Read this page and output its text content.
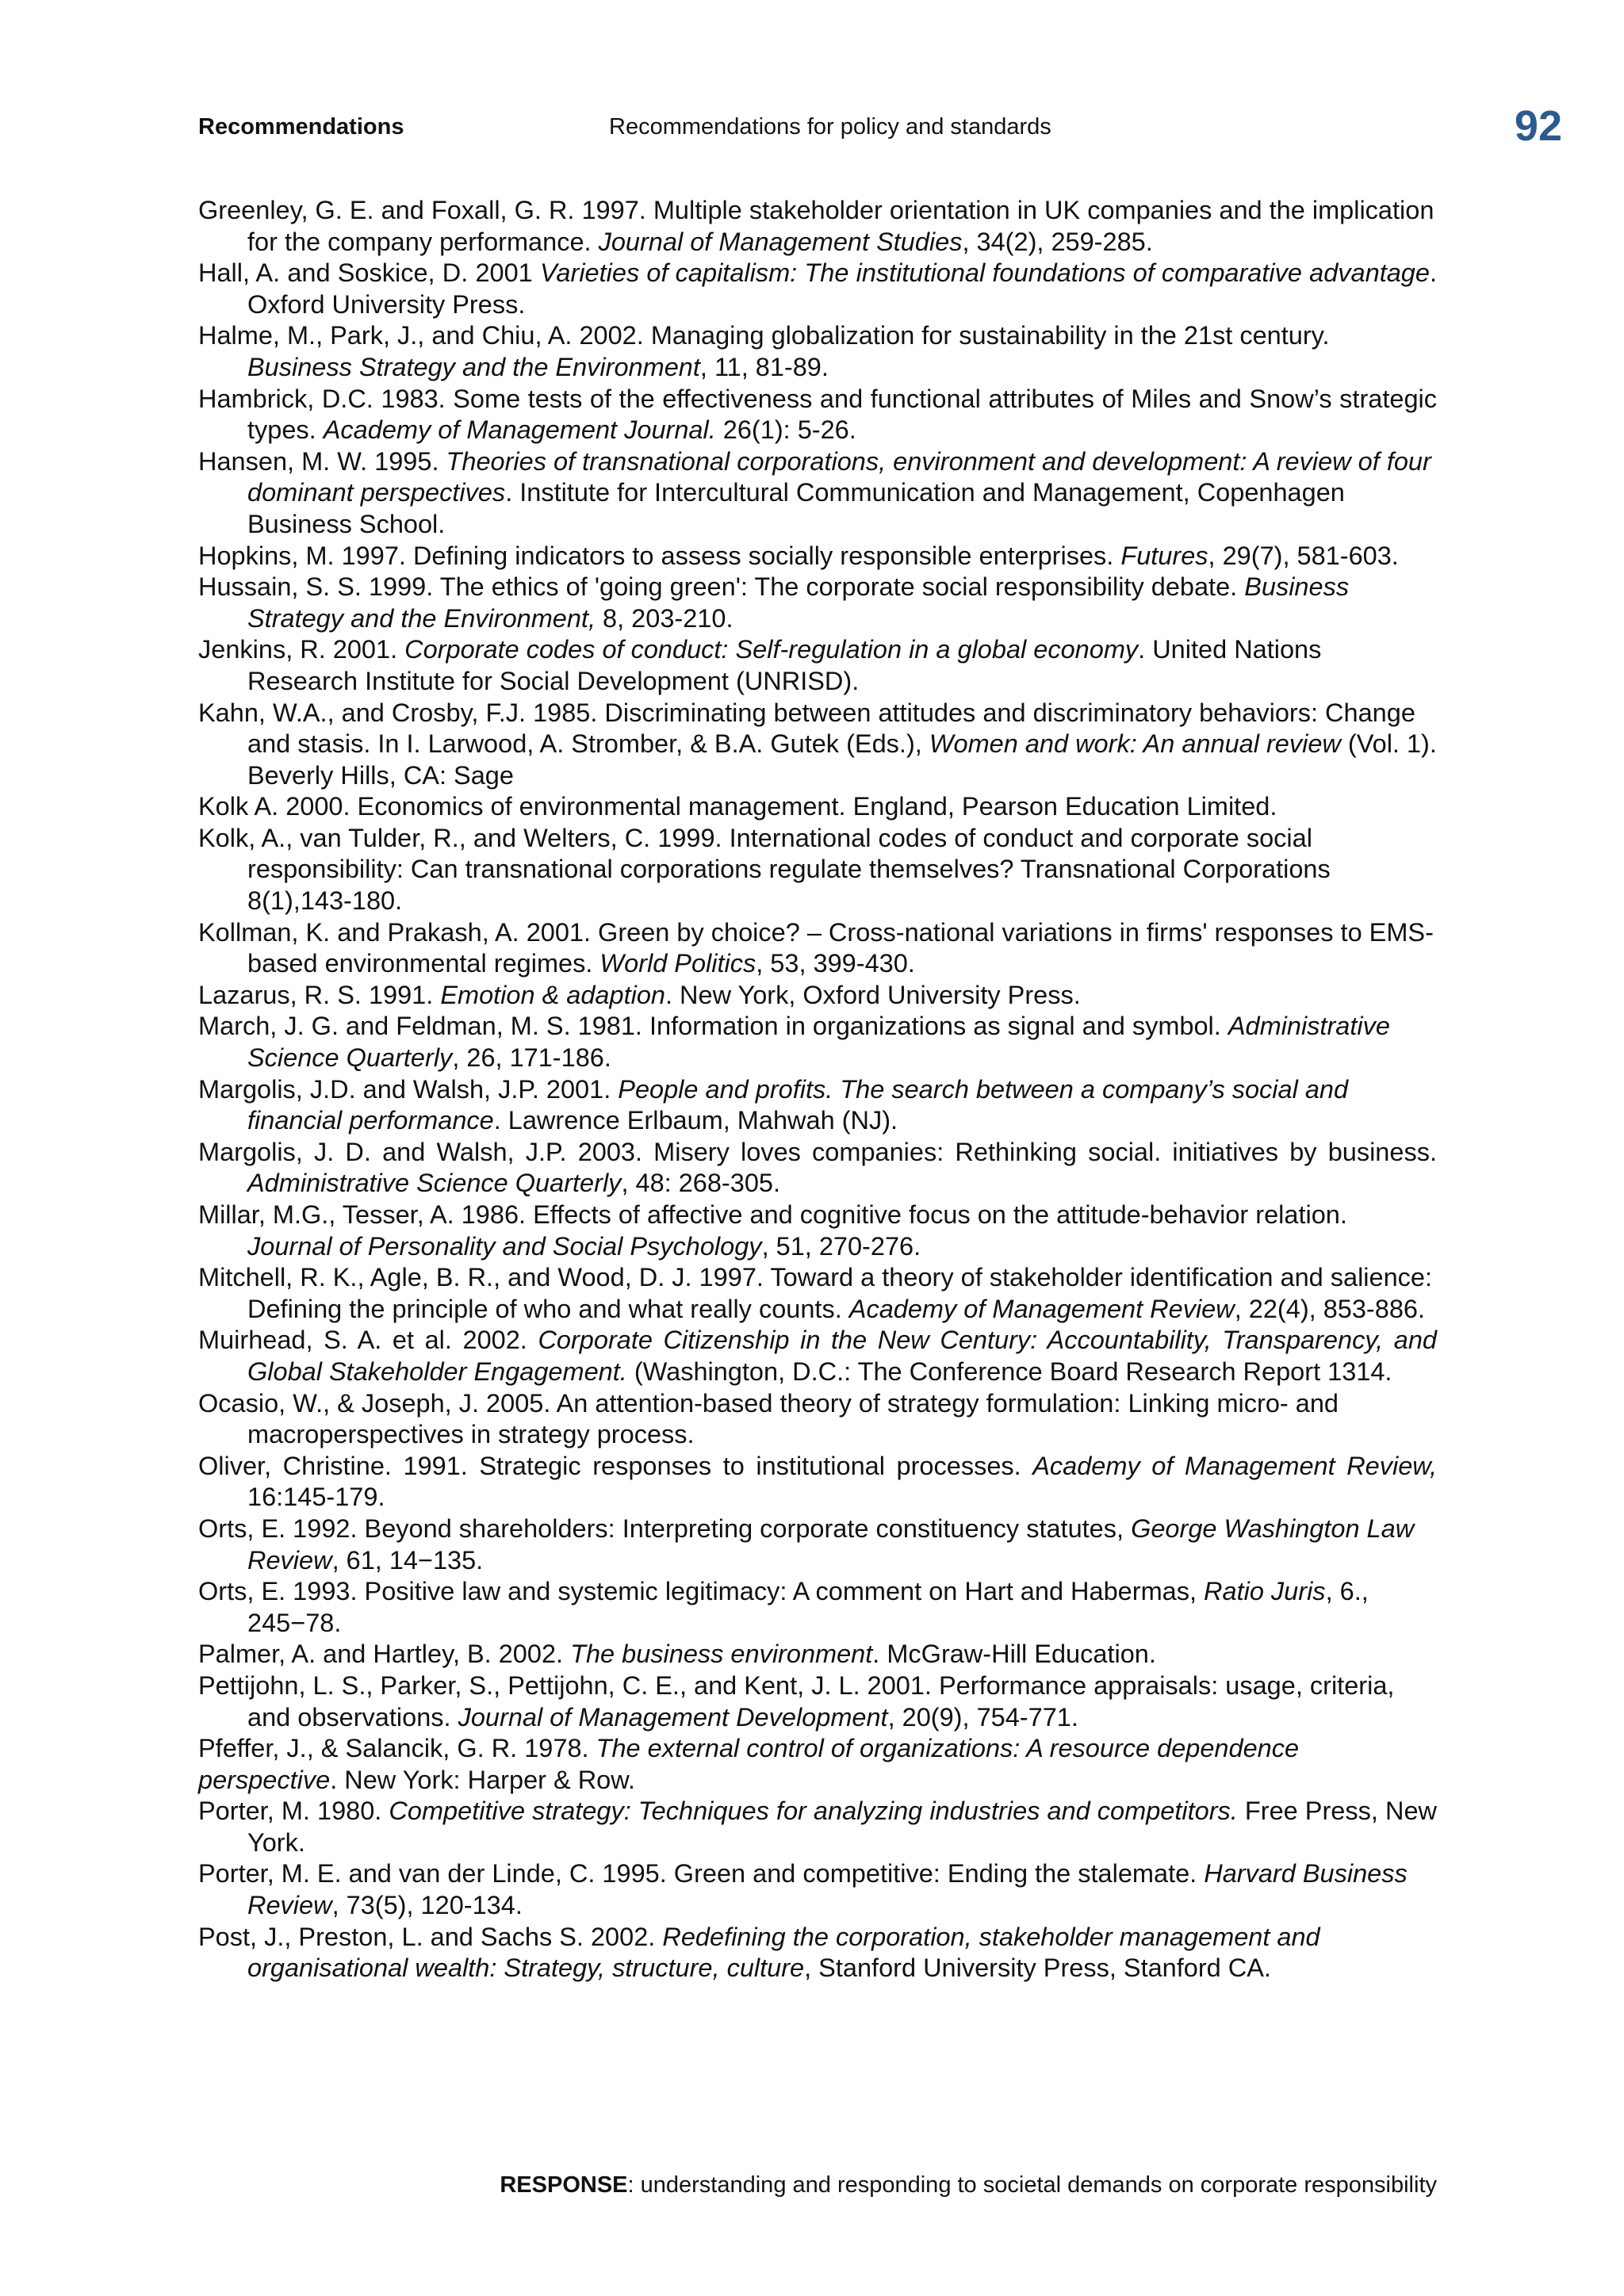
Recommendations	Recommendations for policy and standards	92

Greenley, G. E. and Foxall, G. R. 1997. Multiple stakeholder orientation in UK companies and the implication for the company performance. Journal of Management Studies, 34(2), 259-285.

Hall, A. and Soskice, D. 2001 Varieties of capitalism: The institutional foundations of comparative advantage. Oxford University Press.

Halme, M., Park, J., and Chiu, A. 2002. Managing globalization for sustainability in the 21st century. Business Strategy and the Environment, 11, 81-89.

Hambrick, D.C. 1983. Some tests of the effectiveness and functional attributes of Miles and Snow’s strategic types. Academy of Management Journal. 26(1): 5-26.

Hansen, M. W. 1995. Theories of transnational corporations, environment and development: A review of four dominant perspectives. Institute for Intercultural Communication and Management, Copenhagen Business School.

Hopkins, M. 1997. Defining indicators to assess socially responsible enterprises. Futures, 29(7), 581-603.

Hussain, S. S. 1999. The ethics of 'going green': The corporate social responsibility debate. Business Strategy and the Environment, 8, 203-210.

Jenkins, R. 2001. Corporate codes of conduct: Self-regulation in a global economy. United Nations Research Institute for Social Development (UNRISD).

Kahn, W.A., and Crosby, F.J. 1985. Discriminating between attitudes and discriminatory behaviors: Change and stasis. In I. Larwood, A. Stromber, & B.A. Gutek (Eds.), Women and work: An annual review (Vol. 1). Beverly Hills, CA: Sage

Kolk A. 2000. Economics of environmental management. England, Pearson Education Limited.

Kolk, A., van Tulder, R., and Welters, C. 1999. International codes of conduct and corporate social responsibility: Can transnational corporations regulate themselves? Transnational Corporations 8(1),143-180.

Kollman, K. and Prakash, A. 2001. Green by choice? – Cross-national variations in firms' responses to EMS-based environmental regimes. World Politics, 53, 399-430.

Lazarus, R. S. 1991. Emotion & adaption. New York, Oxford University Press.

March, J. G. and Feldman, M. S. 1981. Information in organizations as signal and symbol. Administrative Science Quarterly, 26, 171-186.

Margolis, J.D. and Walsh, J.P. 2001. People and profits. The search between a company’s social and financial performance. Lawrence Erlbaum, Mahwah (NJ).

Margolis, J. D. and Walsh, J.P. 2003. Misery loves companies: Rethinking social. initiatives by business. Administrative Science Quarterly, 48: 268-305.

Millar, M.G., Tesser, A. 1986. Effects of affective and cognitive focus on the attitude-behavior relation. Journal of Personality and Social Psychology, 51, 270-276.

Mitchell, R. K., Agle, B. R., and Wood, D. J. 1997. Toward a theory of stakeholder identification and salience: Defining the principle of who and what really counts. Academy of Management Review, 22(4), 853-886.

Muirhead, S. A. et al. 2002. Corporate Citizenship in the New Century: Accountability, Transparency, and Global Stakeholder Engagement. (Washington, D.C.: The Conference Board Research Report 1314.

Ocasio, W., & Joseph, J. 2005. An attention-based theory of strategy formulation: Linking micro- and macroperspectives in strategy process.

Oliver, Christine. 1991. Strategic responses to institutional processes. Academy of Management Review, 16:145-179.

Orts, E. 1992. Beyond shareholders: Interpreting corporate constituency statutes, George Washington Law Review, 61, 14−135.

Orts, E. 1993. Positive law and systemic legitimacy: A comment on Hart and Habermas, Ratio Juris, 6., 245−78.

Palmer, A. and Hartley, B. 2002. The business environment. McGraw-Hill Education.

Pettijohn, L. S., Parker, S., Pettijohn, C. E., and Kent, J. L. 2001. Performance appraisals: usage, criteria, and observations. Journal of Management Development, 20(9), 754-771.

Pfeffer, J., & Salancik, G. R. 1978. The external control of organizations: A resource dependence perspective. New York: Harper & Row.

Porter, M. 1980. Competitive strategy: Techniques for analyzing industries and competitors. Free Press, New York.

Porter, M. E. and van der Linde, C. 1995. Green and competitive: Ending the stalemate. Harvard Business Review, 73(5), 120-134.

Post, J., Preston, L. and Sachs S. 2002. Redefining the corporation, stakeholder management and organisational wealth: Strategy, structure, culture, Stanford University Press, Stanford CA.

RESPONSE: understanding and responding to societal demands on corporate responsibility
